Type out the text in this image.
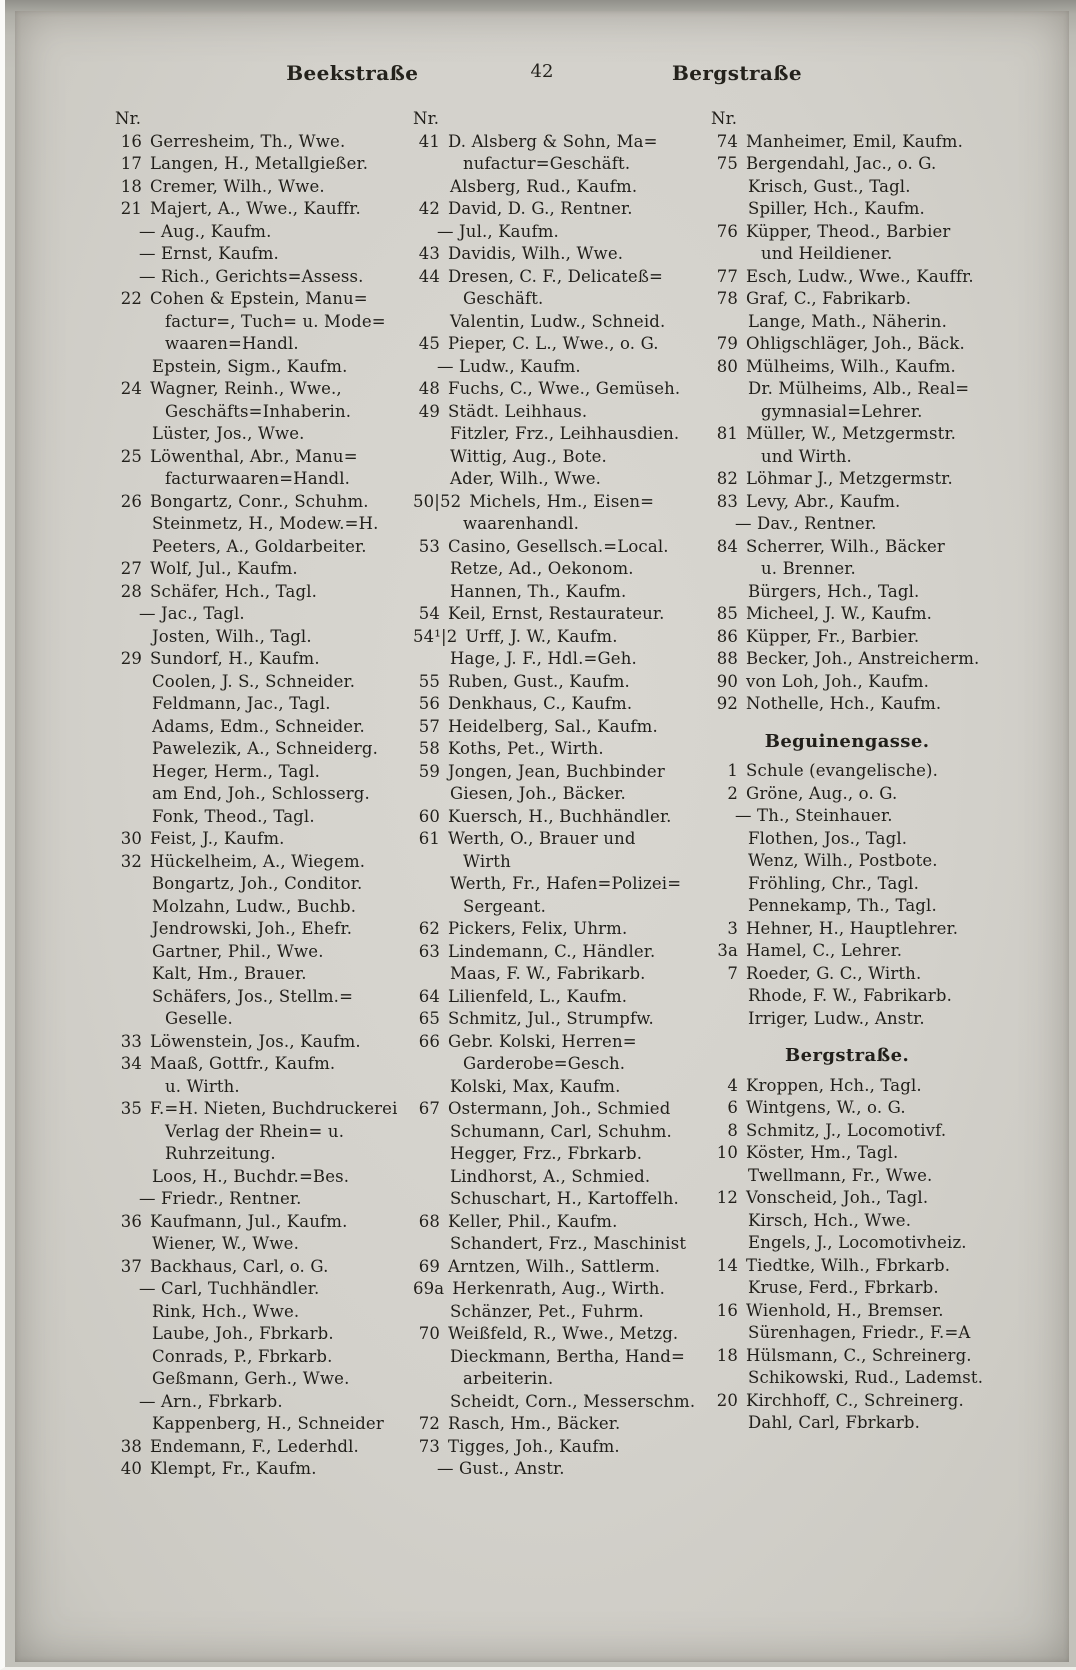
Beekstraße	42	Bergstraße
Nr.
16 Gerresheim, Th., Wwe.
17 Langen, H., Metallgießer.
18 Cremer, Wilh., Wwe.
21 Majert, A., Wwe., Kauffr.
— Aug., Kaufm.
— Ernst, Kaufm.
— Rich., Gerichts=Assess.
22 Cohen & Epstein, Manu=
factur=, Tuch= u. Mode=
waaren=Handl.
Epstein, Sigm., Kaufm.
24 Wagner, Reinh., Wwe.,
Geschäfts=Inhaberin.
Lüster, Jos., Wwe.
25 Löwenthal, Abr., Manu=
facturwaaren=Handl.
26 Bongartz, Conr., Schuhm.
Steinmetz, H., Modew.=H.
Peeters, A., Goldarbeiter.
27 Wolf, Jul., Kaufm.
28 Schäfer, Hch., Tagl.
— Jac., Tagl.
Josten, Wilh., Tagl.
29 Sundorf, H., Kaufm.
Coolen, J. S., Schneider.
Feldmann, Jac., Tagl.
Adams, Edm., Schneider.
Pawelezik, A., Schneiderg.
Heger, Herm., Tagl.
am End, Joh., Schlosserg.
Fonk, Theod., Tagl.
30 Feist, J., Kaufm.
32 Hückelheim, A., Wiegem.
Bongartz, Joh., Conditor.
Molzahn, Ludw., Buchb.
Jendrowski, Joh., Ehefr.
Gartner, Phil., Wwe.
Kalt, Hm., Brauer.
Schäfers, Jos., Stellm.=
Geselle.
33 Löwenstein, Jos., Kaufm.
34 Maaß, Gottfr., Kaufm.
u. Wirth.
35 F.=H. Nieten, Buchdruckerei
Verlag der Rhein= u.
Ruhrzeitung.
Loos, H., Buchdr.=Bes.
— Friedr., Rentner.
36 Kaufmann, Jul., Kaufm.
Wiener, W., Wwe.
37 Backhaus, Carl, o. G.
— Carl, Tuchhändler.
Rink, Hch., Wwe.
Laube, Joh., Fbrkarb.
Conrads, P., Fbrkarb.
Geßmann, Gerh., Wwe.
— Arn., Fbrkarb.
Kappenberg, H., Schneider
38 Endemann, F., Lederhdl.
40 Klempt, Fr., Kaufm.
Nr.
41 D. Alsberg & Sohn, Ma=
nufactur=Geschäft.
Alsberg, Rud., Kaufm.
42 David, D. G., Rentner.
— Jul., Kaufm.
43 Davidis, Wilh., Wwe.
44 Dresen, C. F., Delicateß=
Geschäft.
Valentin, Ludw., Schneid.
45 Pieper, C. L., Wwe., o. G.
— Ludw., Kaufm.
48 Fuchs, C., Wwe., Gemüseh.
49 Städt. Leihhaus.
Fitzler, Frz., Leihhausdien.
Wittig, Aug., Bote.
Ader, Wilh., Wwe.
50|52 Michels, Hm., Eisen=
waarenhandl.
53 Casino, Gesellsch.=Local.
Retze, Ad., Oekonom.
Hannen, Th., Kaufm.
54 Keil, Ernst, Restaurateur.
54¹|2 Urff, J. W., Kaufm.
Hage, J. F., Hdl.=Geh.
55 Ruben, Gust., Kaufm.
56 Denkhaus, C., Kaufm.
57 Heidelberg, Sal., Kaufm.
58 Koths, Pet., Wirth.
59 Jongen, Jean, Buchbinder
Giesen, Joh., Bäcker.
60 Kuersch, H., Buchhändler.
61 Werth, O., Brauer und
Wirth
Werth, Fr., Hafen=Polizei=
Sergeant.
62 Pickers, Felix, Uhrm.
63 Lindemann, C., Händler.
Maas, F. W., Fabrikarb.
64 Lilienfeld, L., Kaufm.
65 Schmitz, Jul., Strumpfw.
66 Gebr. Kolski, Herren=
Garderobe=Gesch.
Kolski, Max, Kaufm.
67 Ostermann, Joh., Schmied
Schumann, Carl, Schuhm.
Hegger, Frz., Fbrkarb.
Lindhorst, A., Schmied.
Schuschart, H., Kartoffelh.
68 Keller, Phil., Kaufm.
Schandert, Frz., Maschinist
69 Arntzen, Wilh., Sattlerm.
69a Herkenrath, Aug., Wirth.
Schänzer, Pet., Fuhrm.
70 Weißfeld, R., Wwe., Metzg.
Dieckmann, Bertha, Hand=
arbeiterin.
Scheidt, Corn., Messerschm.
72 Rasch, Hm., Bäcker.
73 Tigges, Joh., Kaufm.
— Gust., Anstr.
Nr.
74 Manheimer, Emil, Kaufm.
75 Bergendahl, Jac., o. G.
Krisch, Gust., Tagl.
Spiller, Hch., Kaufm.
76 Küpper, Theod., Barbier
und Heildiener.
77 Esch, Ludw., Wwe., Kauffr.
78 Graf, C., Fabrikarb.
Lange, Math., Näherin.
79 Ohligschläger, Joh., Bäck.
80 Mülheims, Wilh., Kaufm.
Dr. Mülheims, Alb., Real=
gymnasial=Lehrer.
81 Müller, W., Metzgermstr.
und Wirth.
82 Löhmar J., Metzgermstr.
83 Levy, Abr., Kaufm.
— Dav., Rentner.
84 Scherrer, Wilh., Bäcker
u. Brenner.
Bürgers, Hch., Tagl.
85 Micheel, J. W., Kaufm.
86 Küpper, Fr., Barbier.
88 Becker, Joh., Anstreicherm.
90 von Loh, Joh., Kaufm.
92 Nothelle, Hch., Kaufm.
Beguinengasse.
1 Schule (evangelische).
2 Gröne, Aug., o. G.
— Th., Steinhauer.
Flothen, Jos., Tagl.
Wenz, Wilh., Postbote.
Fröhling, Chr., Tagl.
Pennekamp, Th., Tagl.
3 Hehner, H., Hauptlehrer.
3a Hamel, C., Lehrer.
7 Roeder, G. C., Wirth.
Rhode, F. W., Fabrikarb.
Irriger, Ludw., Anstr.
Bergstraße.
4 Kroppen, Hch., Tagl.
6 Wintgens, W., o. G.
8 Schmitz, J., Locomotivf.
10 Köster, Hm., Tagl.
Twellmann, Fr., Wwe.
12 Vonscheid, Joh., Tagl.
Kirsch, Hch., Wwe.
Engels, J., Locomotivheiz.
14 Tiedtke, Wilh., Fbrkarb.
Kruse, Ferd., Fbrkarb.
16 Wienhold, H., Bremser.
Sürenhagen, Friedr., F.=A
18 Hülsmann, C., Schreinerg.
Schikowski, Rud., Lademst.
20 Kirchhoff, C., Schreinerg.
Dahl, Carl, Fbrkarb.
